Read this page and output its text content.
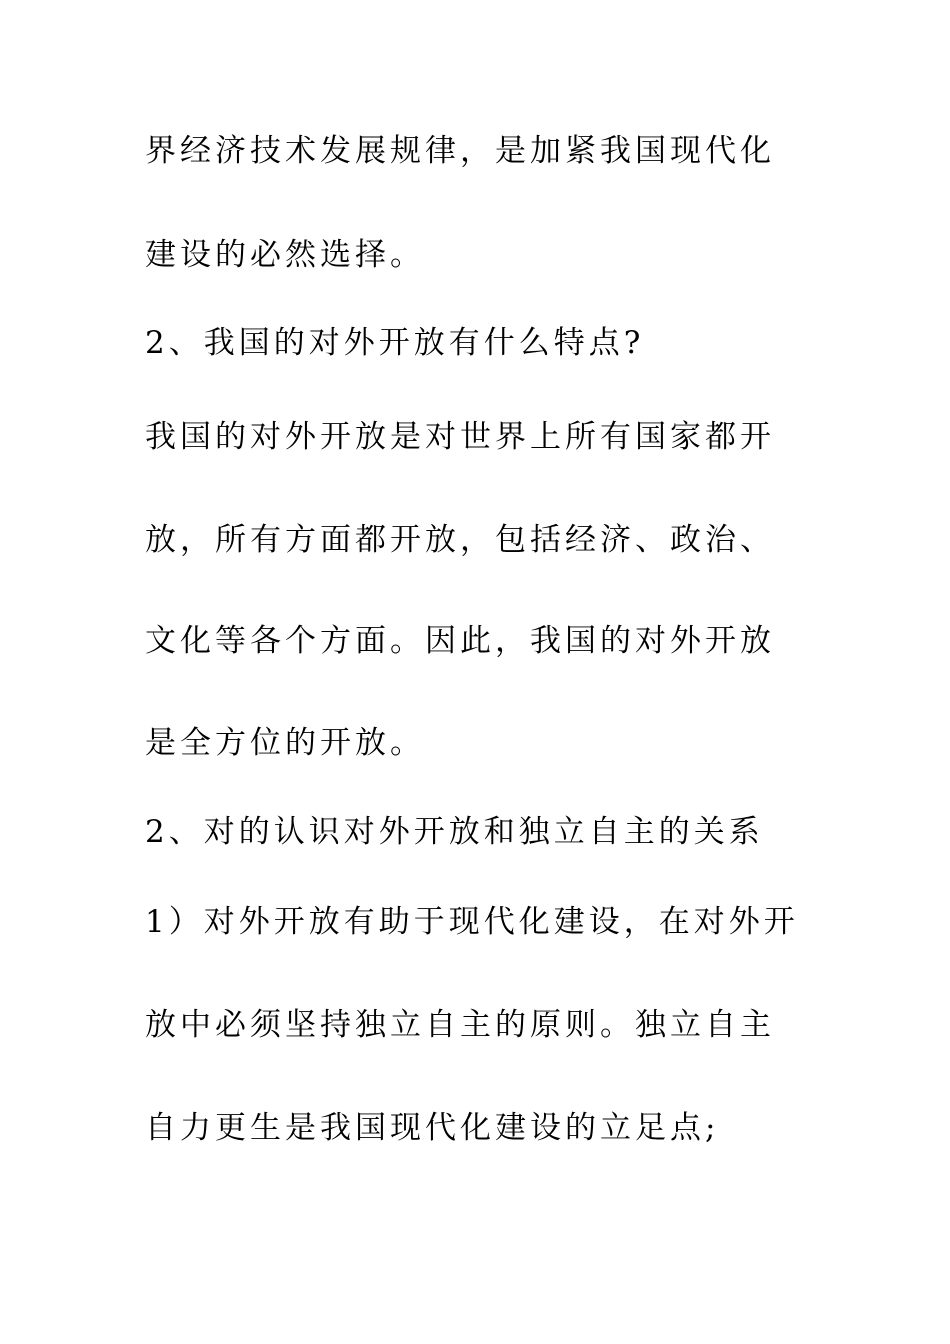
界经济技术发展规律，是加紧我国现代化
建设的必然选择。
2、我国的对外开放有什么特点?
我国的对外开放是对世界上所有国家都开
放，所有方面都开放，包括经济、政治、
文化等各个方面。因此，我国的对外开放
是全方位的开放。
2、对的认识对外开放和独立自主的关系
1）对外开放有助于现代化建设，在对外开
放中必须坚持独立自主的原则。独立自主
自力更生是我国现代化建设的立足点;
